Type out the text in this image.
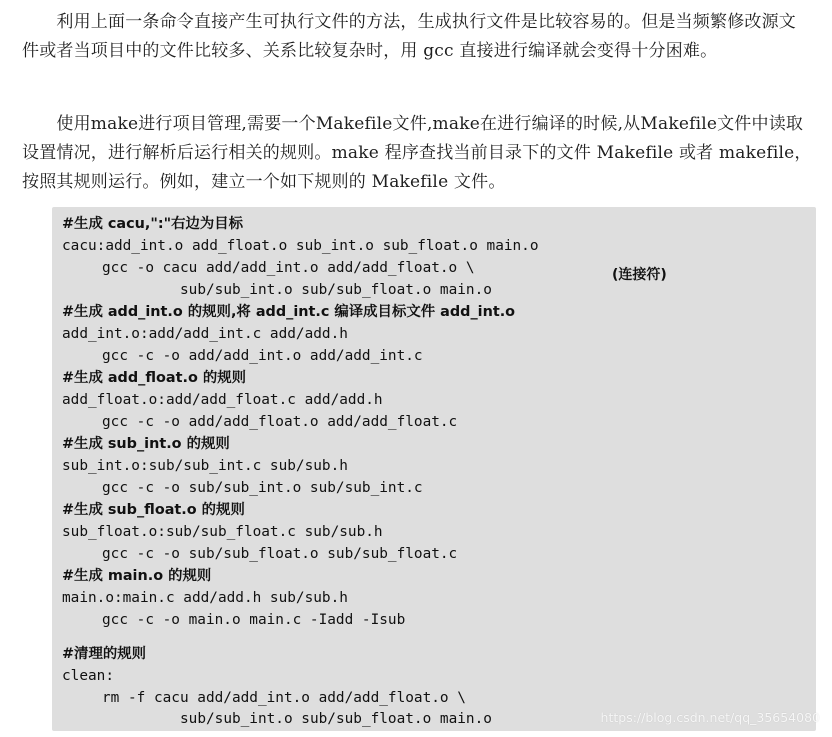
　　利用上面一条命令直接产生可执行文件的方法，生成执行文件是比较容易的。但是当频繁修改源文件或者当项目中的文件比较多、关系比较复杂时，用 gcc 直接进行编译就会变得十分困难。

　　使用make进行项目管理,需要一个Makefile文件,make在进行编译的时候,从Makefile文件中读取设置情况，进行解析后运行相关的规则。make 程序查找当前目录下的文件 Makefile 或者 makefile，按照其规则运行。例如，建立一个如下规则的 Makefile 文件。

#生成 cacu,":"右边为目标
cacu:add_int.o add_float.o sub_int.o sub_float.o main.o
gcc -o cacu add/add_int.o add/add_float.o \	(连接符)
sub/sub_int.o sub/sub_float.o main.o
#生成 add_int.o 的规则,将 add_int.c 编译成目标文件 add_int.o
add_int.o:add/add_int.c add/add.h
gcc -c -o add/add_int.o add/add_int.c
#生成 add_float.o 的规则
add_float.o:add/add_float.c add/add.h
gcc -c -o add/add_float.o add/add_float.c
#生成 sub_int.o 的规则
sub_int.o:sub/sub_int.c sub/sub.h
gcc -c -o sub/sub_int.o sub/sub_int.c
#生成 sub_float.o 的规则
sub_float.o:sub/sub_float.c sub/sub.h
gcc -c -o sub/sub_float.o sub/sub_float.c
#生成 main.o 的规则
main.o:main.c add/add.h sub/sub.h
gcc -c -o main.o main.c -Iadd -Isub
#清理的规则
clean:
rm -f cacu add/add_int.o add/add_float.o \
sub/sub_int.o sub/sub_float.o main.o	https://blog.csdn.net/qq_35654080
